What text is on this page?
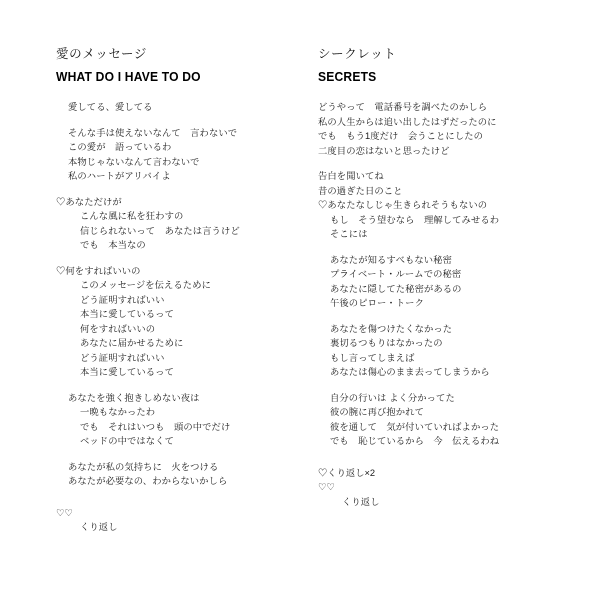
愛のメッセージ
WHAT DO I HAVE TO DO
愛してる、愛してる
そんな手は使えないなんて　言わないで
この愛が　語っているわ
本物じゃないなんて言わないで
私のハートがアリバイよ
♡あなただけが
こんな風に私を狂わすの
信じられないって　あなたは言うけど
でも　本当なの
♡何をすればいいの
このメッセージを伝えるために
どう証明すればいい
本当に愛しているって
何をすればいいの
あなたに届かせるために
どう証明すればいい
本当に愛しているって
あなたを強く抱きしめない夜は
一晩もなかったわ
でも　それはいつも　頭の中でだけ
ベッドの中ではなくて
あなたが私の気持ちに　火をつける
あなたが必要なの、わからないかしら
♡♡
くり返し
シークレット
SECRETS
どうやって　電話番号を調べたのかしら
私の人生からは追い出したはずだったのに
でも　もう1度だけ　会うことにしたの
二度目の恋はないと思ったけど
告白を聞いてね
昔の過ぎた日のこと
♡あなたなしじゃ生きられそうもないの
もし　そう望むなら　理解してみせるわ
そこには
あなたが知るすべもない秘密
プライベート・ルームでの秘密
あなたに隠してた秘密があるの
午後のピロー・トーク
あなたを傷つけたくなかった
裏切るつもりはなかったの
もし言ってしまえば
あなたは傷心のまま去ってしまうから
自分の行いは よく分かってた
彼の腕に再び抱かれて
彼を通して　気が付いていればよかった
でも　恥じているから　今　伝えるわね
♡くり返し×2
♡♡
くり返し
